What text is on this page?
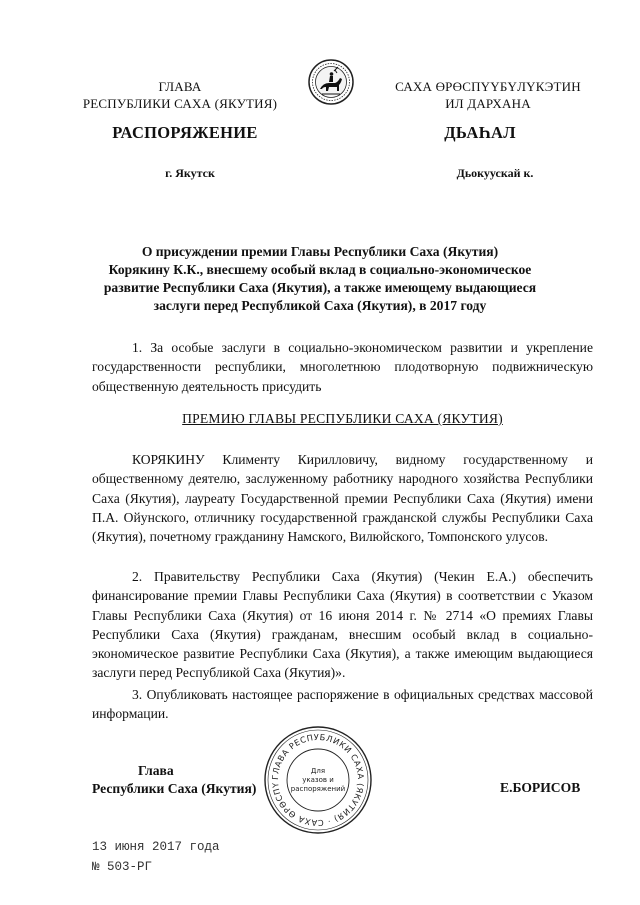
ГЛАВА
РЕСПУБЛИКИ САХА (ЯКУТИЯ)
САХА ӨРӨСПҮҮБҮЛҮКЭТИН
ИЛ ДАРХАНА
РАСПОРЯЖЕНИЕ	ДЬАҺАЛ
г. Якутск	Дьокуускай к.
О присуждении премии Главы Республики Саха (Якутия)
Корякину К.К., внесшему особый вклад в социально-экономическое
развитие Республики Саха (Якутия), а также имеющему выдающиеся
заслуги перед Республикой Саха (Якутия), в 2017 году
1. За особые заслуги в социально-экономическом развитии и укрепление государственности республики, многолетнюю плодотворную подвижническую общественную деятельность присудить
ПРЕМИЮ ГЛАВЫ РЕСПУБЛИКИ САХА (ЯКУТИЯ)
КОРЯКИНУ Клименту Кирилловичу, видному государственному и общественному деятелю, заслуженному работнику народного хозяйства Республики Саха (Якутия), лауреату Государственной премии Республики Саха (Якутия) имени П.А. Ойунского, отличнику государственной гражданской службы Республики Саха (Якутия), почетному гражданину Намского, Вилюйского, Томпонского улусов.
2. Правительству Республики Саха (Якутия) (Чекин Е.А.) обеспечить финансирование премии Главы Республики Саха (Якутия) в соответствии с Указом Главы Республики Саха (Якутия) от 16 июня 2014 г. № 2714 «О премиях Главы Республики Саха (Якутия) гражданам, внесшим особый вклад в социально-экономическое развитие Республики Саха (Якутия), а также имеющим выдающиеся заслуги перед Республикой Саха (Якутия)».
3. Опубликовать настоящее распоряжение в официальных средствах массовой информации.
Глава
Республики Саха (Якутия)	Е.БОРИСОВ
ГЛАВА РЕСПУБЛИКИ САХА (ЯКУТИЯ) · САХА ӨРӨСПҮ
Для
указов и
распоряжений
13 июня 2017 года
№ 503-РГ
